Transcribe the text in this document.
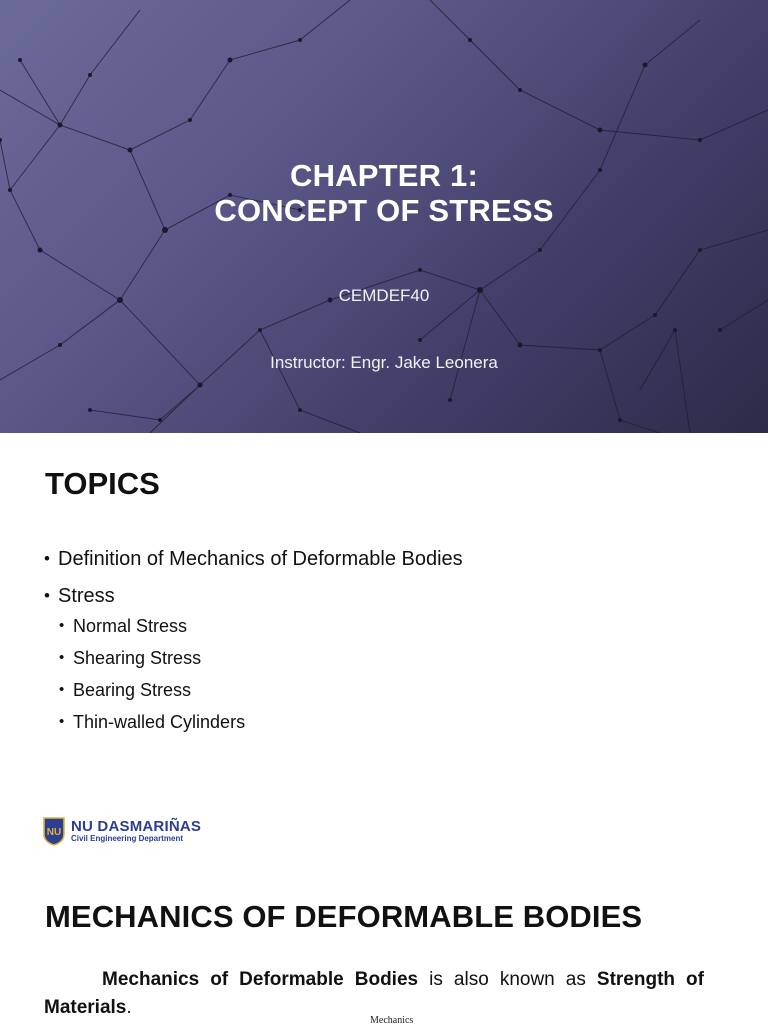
CHAPTER 1:
CONCEPT OF STRESS
CEMDEF40
Instructor: Engr. Jake Leonera
TOPICS
• Definition of Mechanics of Deformable Bodies
• Stress
• Normal Stress
• Shearing Stress
• Bearing Stress
• Thin-walled Cylinders
NU NU DASMARIÑAS
Civil Engineering Department
MECHANICS OF DEFORMABLE BODIES
Mechanics of Deformable Bodies is also known as Strength of Materials.
Mechanics
